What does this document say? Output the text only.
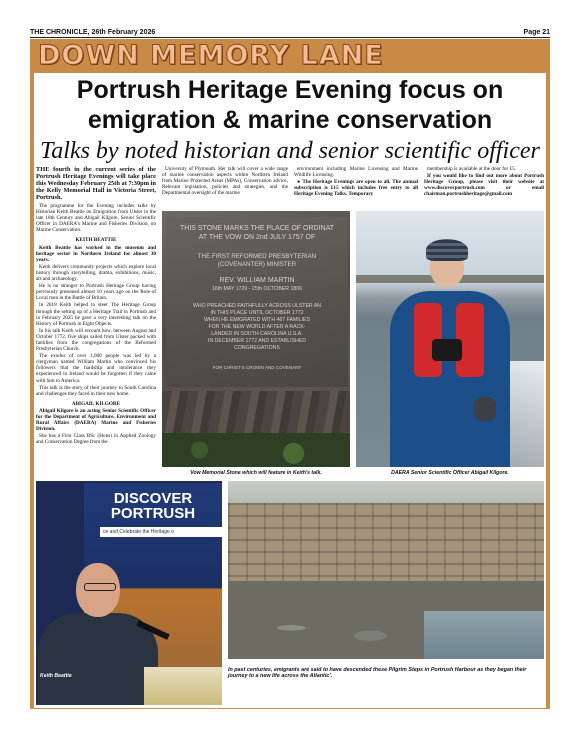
THE CHRONICLE, 26th February 2026	Page 21
DOWN MEMORY LANE
Portrush Heritage Evening focus on
emigration & marine conservation
Talks by noted historian and senior scientific officer

THE fourth in the current series of the Portrush Heritage Evenings will take place this Wednesday February 25th at 7:30pm in the Kelly Memorial Hall in Victoria Street, Portrush.

The programme for the Evening includes talks by Historian Keith Beattie on Emigration from Ulster in the late 18th Century and Abigail Kilgore, Senior Scientific Officer in DAERA's Marine and Fisheries Division, on Marine Conservation.

KEITH BEATTIE

Keith Beattie has worked in the museum and heritage sector in Northern Ireland for almost 30 years.

Keith delivers community projects which explore local history through storytelling, drama, exhibitions, music, art and archaeology.

He is no stranger to Portrush Heritage Group having previously presented almost 10 years ago on the Role of Local men in the Battle of Britain.

In 2018 Keith helped to steer The Heritage Group through the setting up of a Heritage Trail in Portrush and in February 2025 he gave a very interesting talk on the History of Portrush in Eight Objects.

In his talk Keith will recount how, between August and October 1772, five ships sailed from Ulster packed with families from the congregations of the Reformed Presbyterian Church.

The exodus of over 1,000 people was led by a clergyman named William Martin who convinced his followers that the hardship and intolerance they experienced in Ireland would be forgotten if they came with him to America.

This talk is the story of their journey to South Carolina and challenges they faced in their new home.

ABIGAIL KILGORE

Abigail Kilgore is an acting Senior Scientific Officer for the Department of Agriculture, Environment and Rural Affairs (DAERA) Marine and Fisheries Division.

She has a First Class BSc (Hons) in Applied Zoology and Conservation Degree from the

University of Plymouth. Her talk will cover a wide range of marine conservation aspects within Northern Ireland from Marine Protected Areas (MPAs), Conservation advice, Relevant legislation, policies and strategies, and the Departmental oversight of the marine

environment including Marine Licensing and Marine Wildlife Licensing.

● The Heritage Evenings are open to all. The annual subscription is £15 which includes free entry to all Heritage Evening Talks. Temporary

membership is available at the door for £5.

If you would like to find out more about Portrush Heritage Group, please visit their website at www.discoverportrush.com or email chairman.portrushheritage@gmail.com

THIS STONE MARKS THE PLACE OF ORDINAT
AT THE VOW ON 2nd JULY 1757 OF
THE FIRST REFORMED PRESBYTERIAN
(COVENANTER) MINISTER
REV. WILLIAM MARTIN
16th MAY 1729 - 25th OCTOBER 1806
WHO PREACHED FAITHFULLY ACROSS ULSTER AN
IN THIS PLACE UNTIL OCTOBER 1772
WHEN HE EMIGRATED WITH 467 FAMILIES
FOR THE NEW WORLD AFTER A RACK-
LANDED IN SOUTH CAROLINA U.S.A.
IN DECEMBER 1772 AND ESTABLISHED
CONGREGATIONS
FOR CHRIST'S CROWN AND COVENANT
Vow Memorial Stone which will feature in Keith's talk.	DAERA Senior Scientific Officer Abigail Kilgore.
DISCOVER
PORTRUSH
ce and Celebrate the Heritage o
Keith Beattie
In past centuries, emigrants are said to have descended these Pilgrim Steps in Portrush Harbour as they began their journey to a new life across the Atlantic'.
